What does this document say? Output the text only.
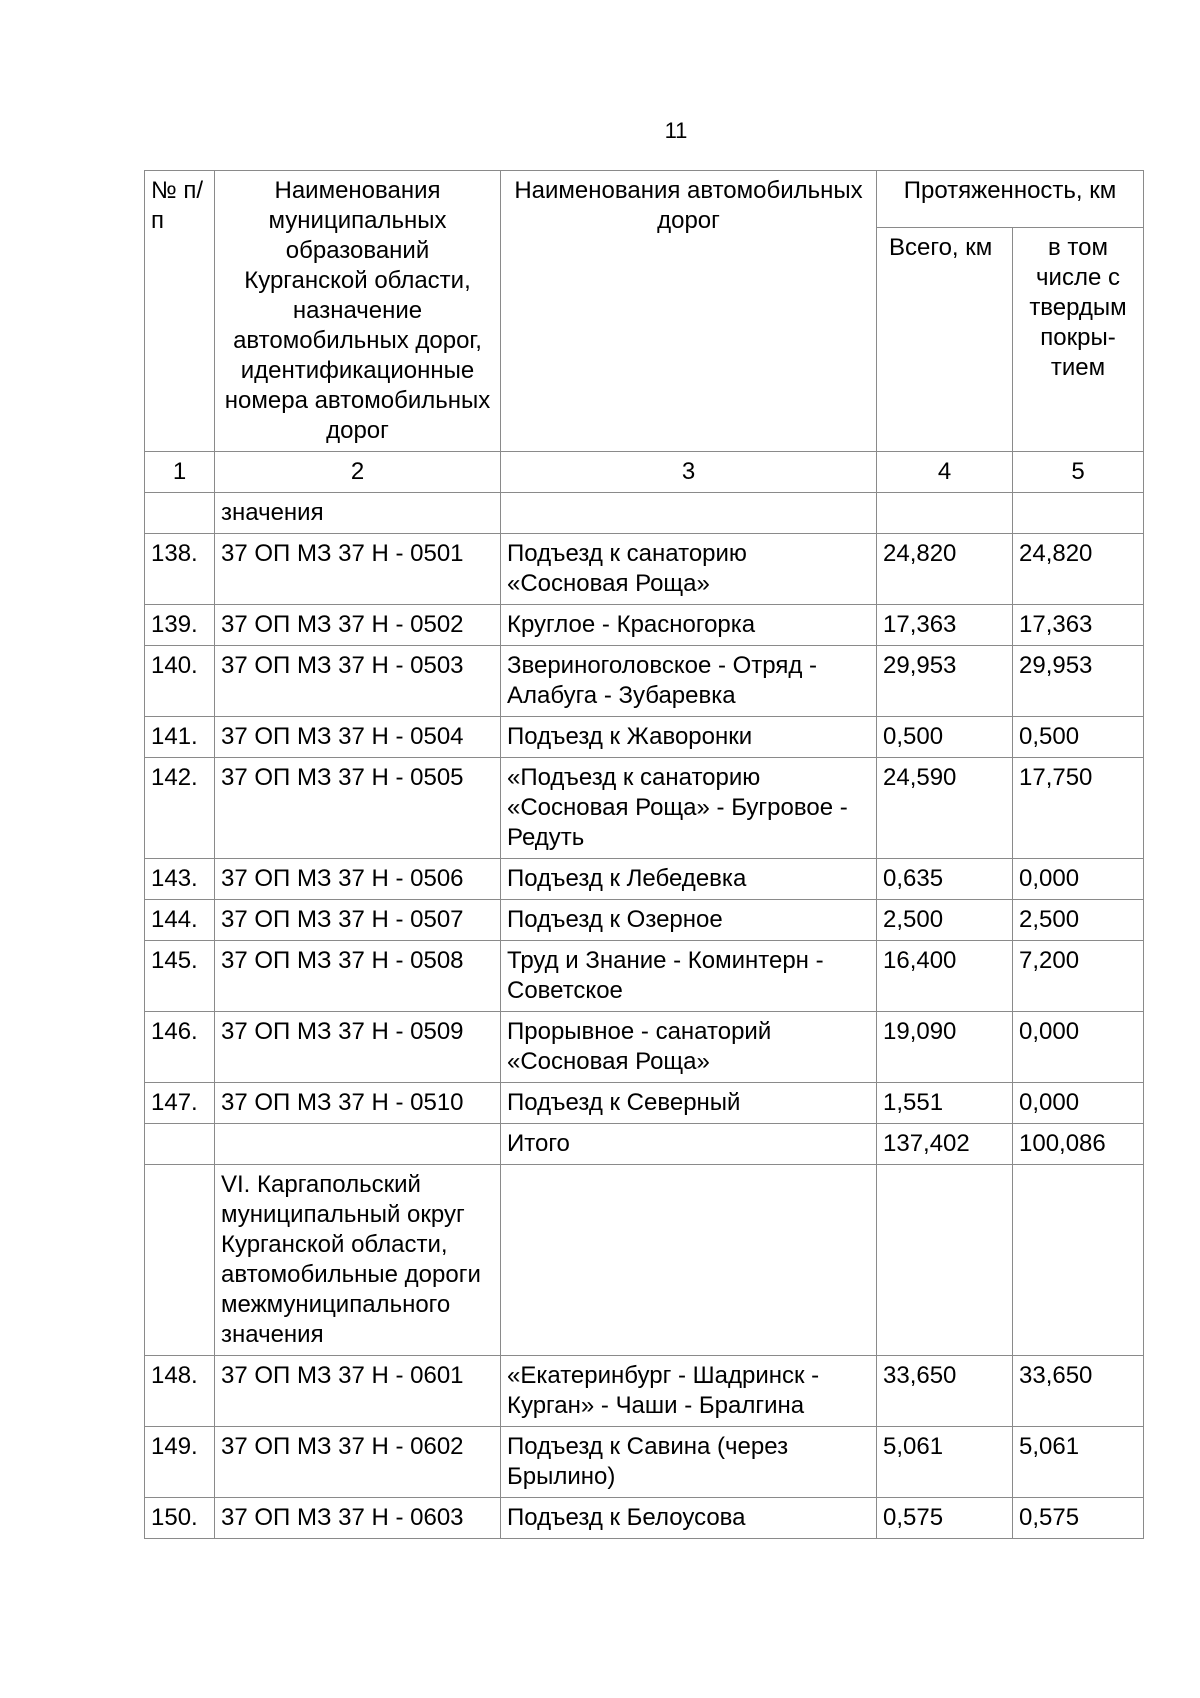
11
№ п/п	Наименования муниципальных образований Курганской области, назначение автомобильных дорог, идентификационные номера автомобильных дорог	Наименования автомобильных дорог	Протяженность, км	
			Всего, км	в том числе с твердым покры-тием
1	2	3	4	5
	значения			
138.	37 ОП МЗ 37 Н - 0501	Подъезд к санаторию «Сосновая Роща»	24,820	24,820
139.	37 ОП МЗ 37 Н - 0502	Круглое - Красногорка	17,363	17,363
140.	37 ОП МЗ 37 Н - 0503	Звериноголовское - Отряд - Алабуга - Зубаревка	29,953	29,953
141.	37 ОП МЗ 37 Н - 0504	Подъезд к Жаворонки	0,500	0,500
142.	37 ОП МЗ 37 Н - 0505	«Подъезд к санаторию «Сосновая Роща» - Бугровое - Редуть	24,590	17,750
143.	37 ОП МЗ 37 Н - 0506	Подъезд к Лебедевка	0,635	0,000
144.	37 ОП МЗ 37 Н - 0507	Подъезд к Озерное	2,500	2,500
145.	37 ОП МЗ 37 Н - 0508	Труд и Знание - Коминтерн - Советское	16,400	7,200
146.	37 ОП МЗ 37 Н - 0509	Прорывное - санаторий «Сосновая Роща»	19,090	0,000
147.	37 ОП МЗ 37 Н - 0510	Подъезд к Северный	1,551	0,000
		Итого	137,402	100,086
	VI. Каргапольский муниципальный округ Курганской области, автомобильные дороги межмуниципального значения			
148.	37 ОП МЗ 37 Н - 0601	«Екатеринбург - Шадринск - Курган» - Чаши - Бралгина	33,650	33,650
149.	37 ОП МЗ 37 Н - 0602	Подъезд к Савина (через Брылино)	5,061	5,061
150.	37 ОП МЗ 37 Н - 0603	Подъезд к Белоусова	0,575	0,575
